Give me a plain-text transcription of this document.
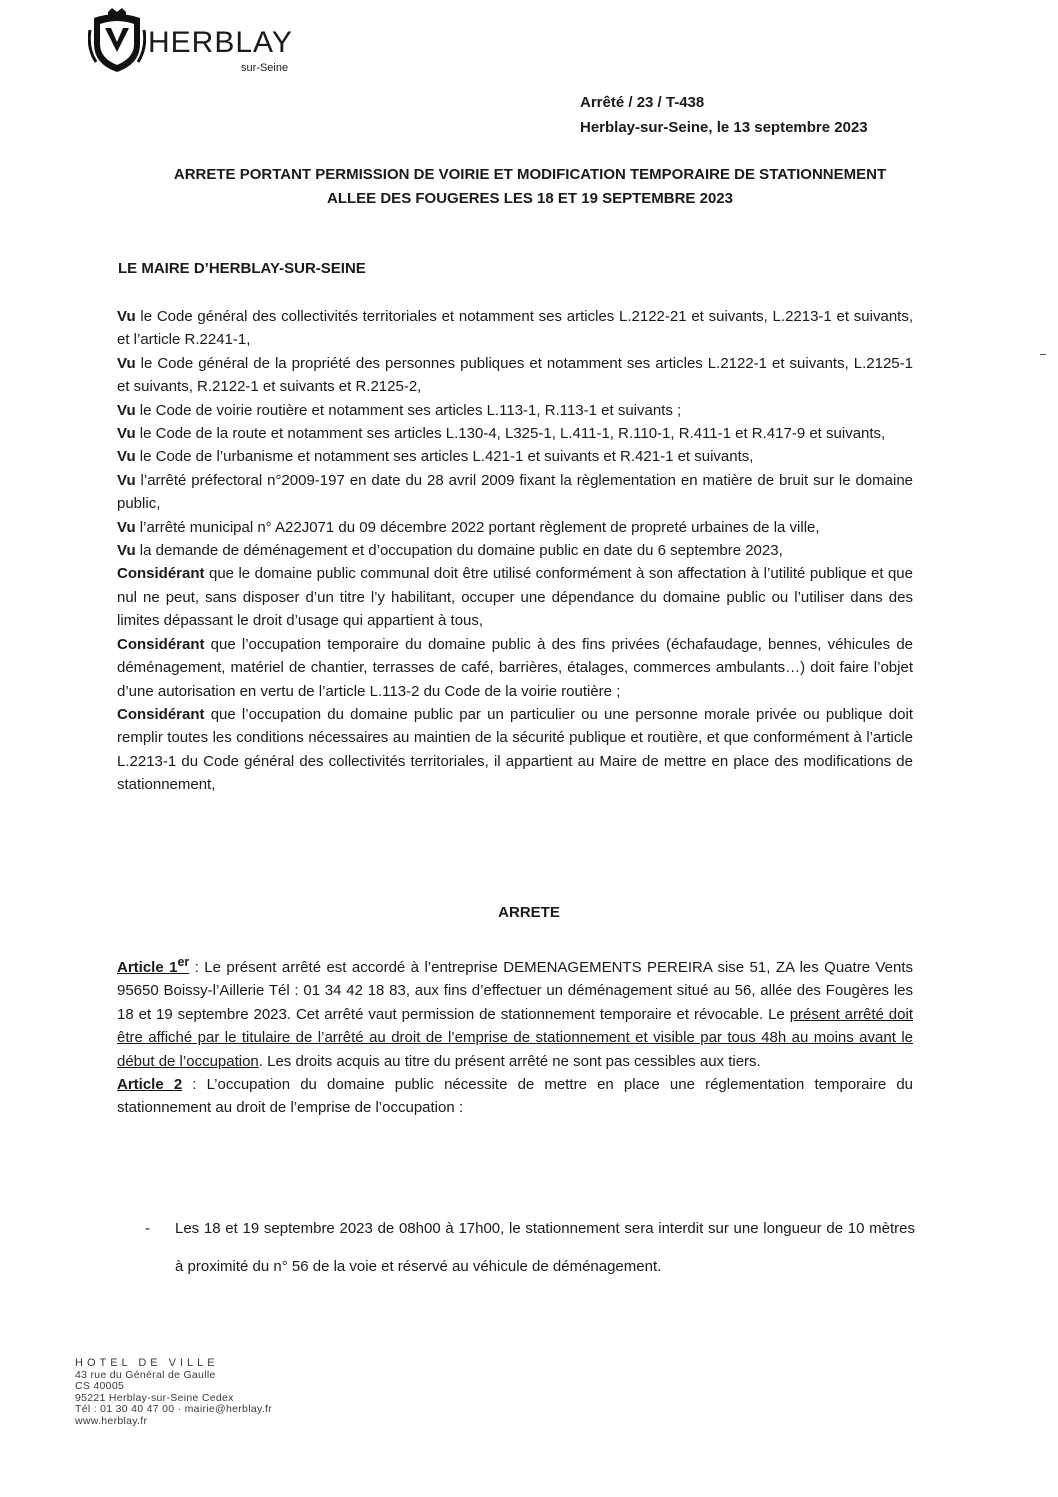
HERBLAY
sur-Seine
Arrêté / 23 / T-438
Herblay-sur-Seine, le 13 septembre 2023
ARRETE PORTANT PERMISSION DE VOIRIE ET MODIFICATION TEMPORAIRE DE STATIONNEMENT
ALLEE DES FOUGERES LES 18 ET 19 SEPTEMBRE 2023
LE MAIRE D’HERBLAY-SUR-SEINE

Vu le Code général des collectivités territoriales et notamment ses articles L.2122-21 et suivants, L.2213-1 et suivants, et l’article R.2241-1,

Vu le Code général de la propriété des personnes publiques et notamment ses articles L.2122-1 et suivants, L.2125-1 et suivants, R.2122-1 et suivants et R.2125-2,

Vu le Code de voirie routière et notamment ses articles L.113-1, R.113-1 et suivants ;

Vu le Code de la route et notamment ses articles L.130-4, L325-1, L.411-1, R.110-1, R.411-1 et R.417-9 et suivants,

Vu le Code de l’urbanisme et notamment ses articles L.421-1 et suivants et R.421-1 et suivants,

Vu l’arrêté préfectoral n°2009-197 en date du 28 avril 2009 fixant la règlementation en matière de bruit sur le domaine public,

Vu l’arrêté municipal n° A22J071 du 09 décembre 2022 portant règlement de propreté urbaines de la ville,

Vu la demande de déménagement et d’occupation du domaine public en date du 6 septembre 2023,

Considérant que le domaine public communal doit être utilisé conformément à son affectation à l’utilité publique et que nul ne peut, sans disposer d’un titre l’y habilitant, occuper une dépendance du domaine public ou l’utiliser dans des limites dépassant le droit d’usage qui appartient à tous,

Considérant que l’occupation temporaire du domaine public à des fins privées (échafaudage, bennes, véhicules de déménagement, matériel de chantier, terrasses de café, barrières, étalages, commerces ambulants…) doit faire l’objet d’une autorisation en vertu de l’article L.113-2 du Code de la voirie routière ;

Considérant que l’occupation du domaine public par un particulier ou une personne morale privée ou publique doit remplir toutes les conditions nécessaires au maintien de la sécurité publique et routière, et que conformément à l’article L.2213-1 du Code général des collectivités territoriales, il appartient au Maire de mettre en place des modifications de stationnement,

ARRETE

Article 1er : Le présent arrêté est accordé à l’entreprise DEMENAGEMENTS PEREIRA sise 51, ZA les Quatre Vents 95650 Boissy-l’Aillerie Tél : 01 34 42 18 83, aux fins d’effectuer un déménagement situé au 56, allée des Fougères les 18 et 19 septembre 2023. Cet arrêté vaut permission de stationnement temporaire et révocable. Le présent arrêté doit être affiché par le titulaire de l’arrêté au droit de l’emprise de stationnement et visible par tous 48h au moins avant le début de l’occupation. Les droits acquis au titre du présent arrêté ne sont pas cessibles aux tiers.

Article 2 : L’occupation du domaine public nécessite de mettre en place une réglementation temporaire du stationnement au droit de l’emprise de l’occupation :

- Les 18 et 19 septembre 2023 de 08h00 à 17h00, le stationnement sera interdit sur une longueur de 10 mètres à proximité du n° 56 de la voie et réservé au véhicule de déménagement.
HOTEL DE VILLE
43 rue du Général de Gaulle
CS 40005
95221 Herblay-sur-Seine Cedex
Tél : 01 30 40 47 00 · mairie@herblay.fr
www.herblay.fr
